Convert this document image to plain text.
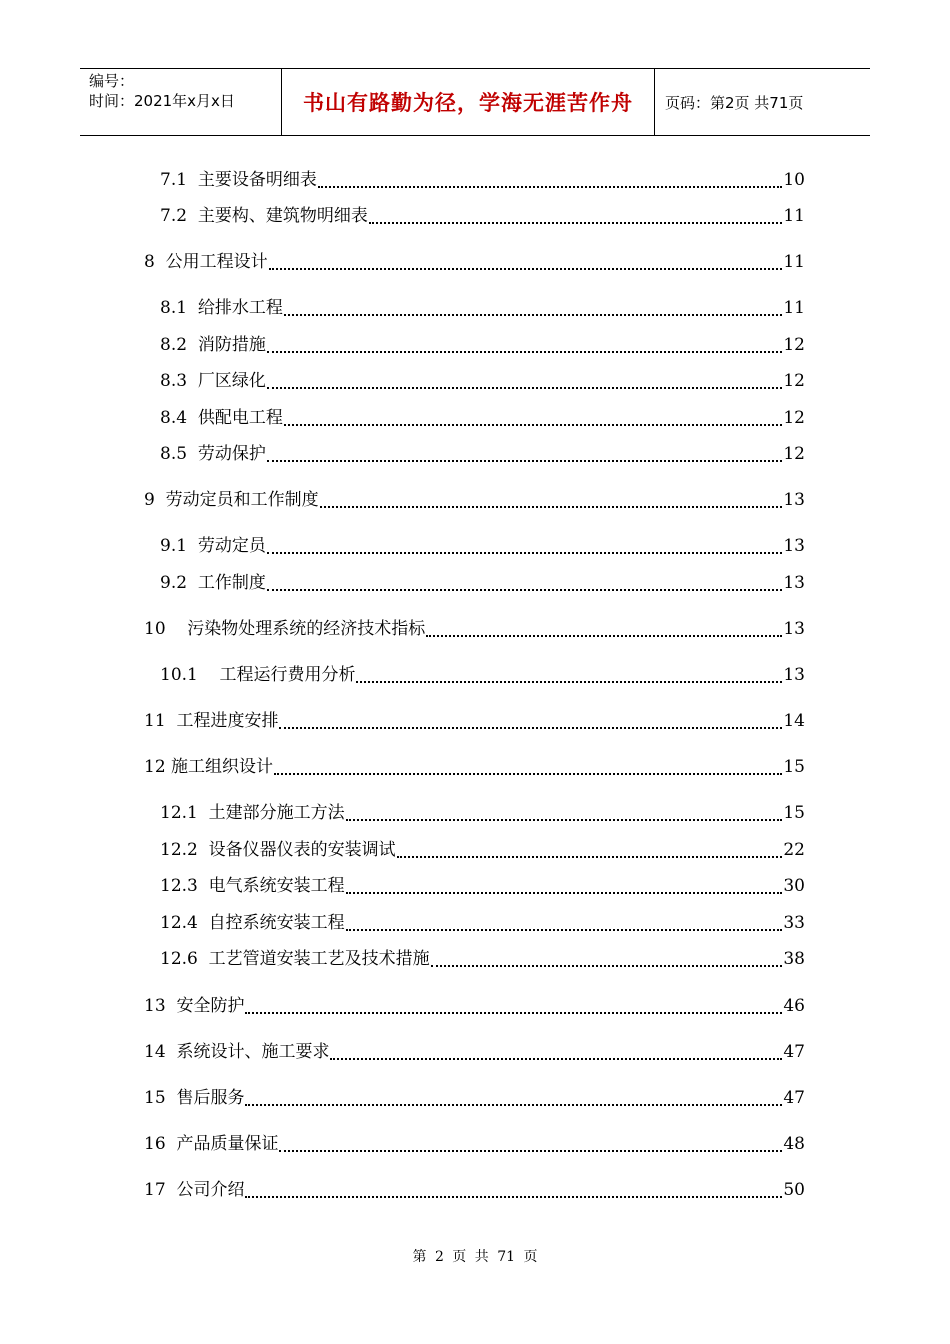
编号：
时间：2021年x月x日	书山有路勤为径，学海无涯苦作舟	页码：第2页 共71页
7.1  主要设备明细表	10
7.2  主要构、建筑物明细表	11
8  公用工程设计	11
8.1  给排水工程	11
8.2  消防措施	12
8.3  厂区绿化	12
8.4  供配电工程	12
8.5  劳动保护	12
9  劳动定员和工作制度	13
9.1  劳动定员	13
9.2  工作制度	13
10    污染物处理系统的经济技术指标	13
10.1    工程运行费用分析	13
11  工程进度安排	14
12 施工组织设计	15
12.1  土建部分施工方法	15
12.2  设备仪器仪表的安装调试	22
12.3  电气系统安装工程	30
12.4  自控系统安装工程	33
12.6  工艺管道安装工艺及技术措施	38
13  安全防护	46
14  系统设计、施工要求	47
15  售后服务	47
16  产品质量保证	48
17  公司介绍	50
第 2 页 共 71 页
